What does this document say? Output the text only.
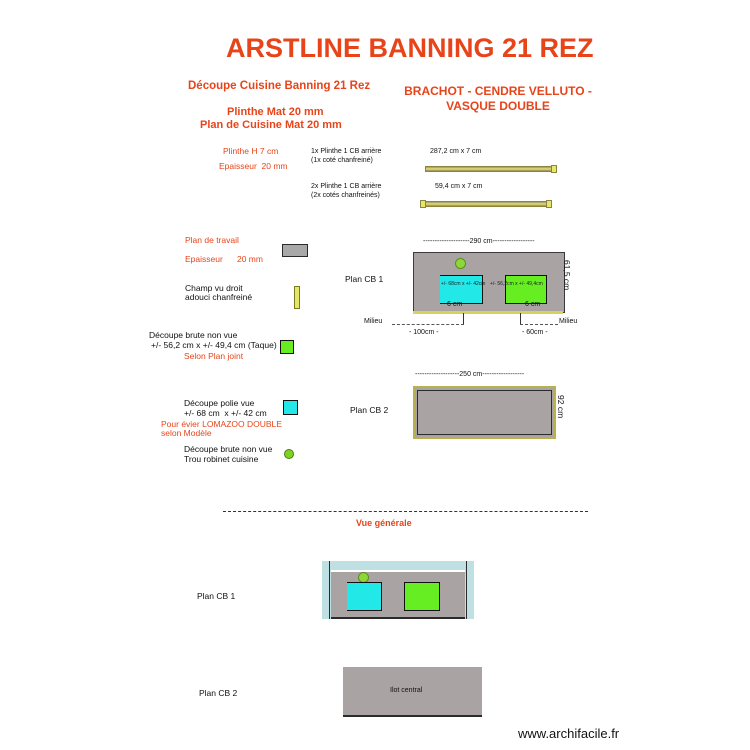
ARSTLINE BANNING 21 REZ
Découpe Cuisine Banning 21 Rez	BRACHOT - CENDRE VELLUTO - VASQUE DOUBLE
Plinthe Mat 20 mm
Plan de Cuisine Mat 20 mm
Plinthe H 7 cm
Epaisseur  20 mm
1x Plinthe 1 CB arrière
(1x coté chanfreiné)
287,2 cm x 7 cm
2x Plinthe 1 CB arrière
(2x cotés chanfreinés)
59,4 cm x 7 cm
Plan de travail
Epaisseur      20 mm
Champ vu droit
adouci chanfreiné
Découpe brute non vue
+/- 56,2 cm x +/- 49,4 cm (Taque)
Selon Plan joint
Découpe polie vue
+/- 68 cm  x +/- 42 cm
Pour évier LOMAZOO DOUBLE
selon Modèle
Découpe brute non vue
Trou robinet cuisine
Plan CB 1
--------------------290 cm------------------
61,5 cm
+/- 68cm x +/- 42cm +/- 56,2cm x +/- 49,4cm
6 cm	6 cm
Milieu
- 100cm -
Milieu
- 60cm -
Plan CB 2
-------------------250 cm------------------
92 cm
Vue générale
Plan CB 1
Plan CB 2	Ilot central
www.archifacile.fr
